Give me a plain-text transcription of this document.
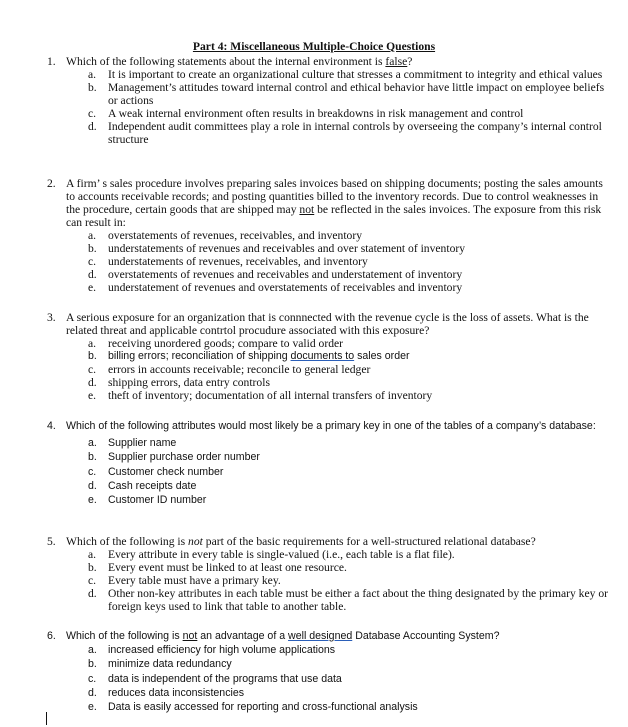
Part 4: Miscellaneous Multiple-Choice Questions
1. Which of the following statements about the internal environment is false?
a.	It is important to create an organizational culture that stresses a commitment to integrity and ethical values
b. Management’s attitudes toward internal control and ethical behavior have little impact on employee beliefs or actions
c.	A weak internal environment often results in breakdowns in risk management and control
d. Independent audit committees play a role in internal controls by overseeing the company’s internal control structure
2. A firm’ s sales procedure involves preparing sales invoices based on shipping documents; posting the sales amounts to accounts receivable records; and posting quantities billed to the inventory records. Due to control weaknesses in the procedure, certain goods that are shipped may not be reflected in the sales invoices. The exposure from this risk can result in:
a.	overstatements of revenues, receivables, and inventory
b. understatements of revenues and receivables and over statement of inventory
c.	understatements of revenues, receivables, and inventory
d. overstatements of revenues and receivables and understatement of inventory
e.	understatement of revenues and overstatements of receivables and inventory
3. A serious exposure for an organization that is connnected with the revenue cycle is the loss of assets. What is the related threat and applicable contrtol procudure associated with this exposure?
a.	receiving unordered goods; compare to valid order
b.	billing errors; reconciliation of shipping documents to sales order
c.	errors in accounts receivable; reconcile to general ledger
d. shipping errors, data entry controls
e.	theft of inventory; documentation of all internal transfers of inventory
4. Which of the following attributes would most likely be a primary key in one of the tables of a company’s database:
a.	Supplier name
b.	Supplier purchase order number
c.	Customer check number
d.	Cash receipts date
e.	Customer ID number
5. Which of the following is not part of the basic requirements for a well-structured relational database?
a.	Every attribute in every table is single-valued (i.e., each table is a flat file).
b. Every event must be linked to at least one resource.
c.	Every table must have a primary key.
d. Other non-key attributes in each table must be either a fact about the thing designated by the primary key or foreign keys used to link that table to another table.
6. Which of the following is not an advantage of a well designed Database Accounting System?
a.	increased efficiency for high volume applications
b.	minimize data redundancy
c.	data is independent of the programs that use data
d.	reduces data inconsistencies
e.	Data is easily accessed for reporting and cross-functional analysis
